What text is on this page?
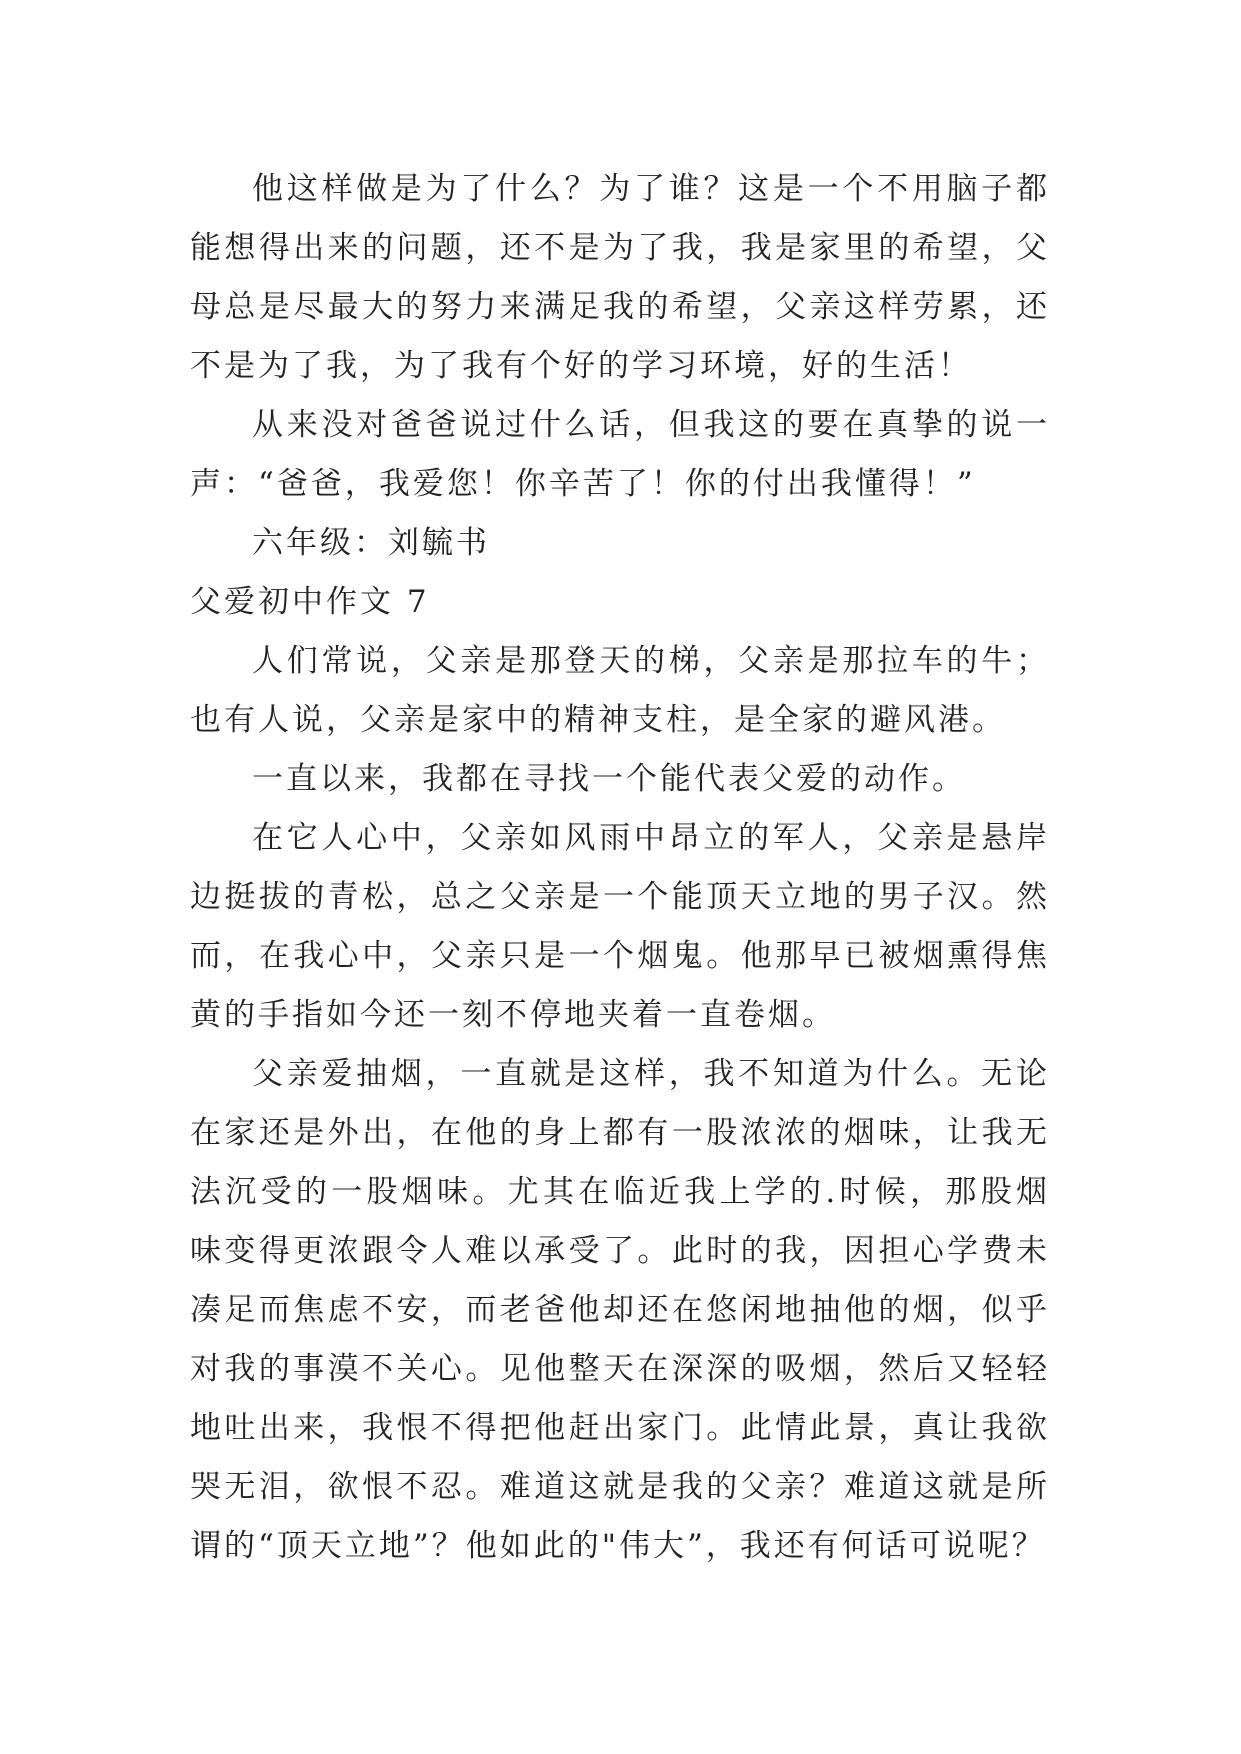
他这样做是为了什么？为了谁？这是一个不用脑子都能想得出来的问题，还不是为了我，我是家里的希望，父母总是尽最大的努力来满足我的希望，父亲这样劳累，还不是为了我，为了我有个好的学习环境，好的生活！

从来没对爸爸说过什么话，但我这的要在真挚的说一声：“爸爸，我爱您！你辛苦了！你的付出我懂得！”

六年级：刘毓书

父爱初中作文 7

人们常说，父亲是那登天的梯，父亲是那拉车的牛；也有人说，父亲是家中的精神支柱，是全家的避风港。

一直以来，我都在寻找一个能代表父爱的动作。

在它人心中，父亲如风雨中昂立的军人，父亲是悬岸边挺拔的青松，总之父亲是一个能顶天立地的男子汉。然而，在我心中，父亲只是一个烟鬼。他那早已被烟熏得焦黄的手指如今还一刻不停地夹着一直卷烟。

父亲爱抽烟，一直就是这样，我不知道为什么。无论在家还是外出，在他的身上都有一股浓浓的烟味，让我无法沉受的一股烟味。尤其在临近我上学的.时候，那股烟味变得更浓跟令人难以承受了。此时的我，因担心学费未凑足而焦虑不安，而老爸他却还在悠闲地抽他的烟，似乎对我的事漠不关心。见他整天在深深的吸烟，然后又轻轻地吐出来，我恨不得把他赶出家门。此情此景，真让我欲哭无泪，欲恨不忍。难道这就是我的父亲？难道这就是所谓的“顶天立地”？他如此的"伟大”，我还有何话可说呢？
